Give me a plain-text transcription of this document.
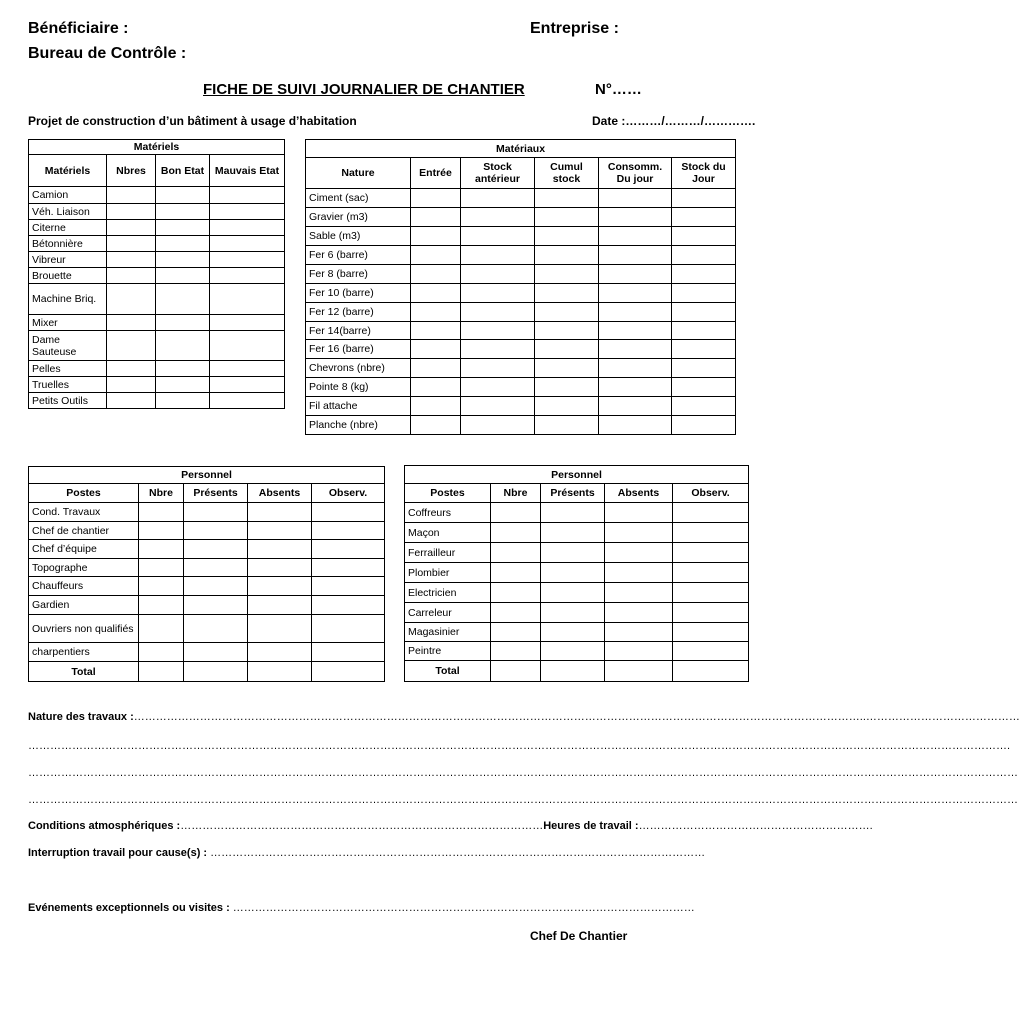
Bénéficiaire :	Entreprise :
Bureau de Contrôle :
FICHE DE SUIVI JOURNALIER DE CHANTIER	N°……
Projet de construction d’un bâtiment à usage d’habitation	Date :………/………/………….
Matériels			
Matériels	Nbres	Bon Etat	Mauvais Etat
Camion			
Véh. Liaison			
Citerne			
Bétonnière			
Vibreur			
Brouette			
Machine Briq.			
Mixer			
Dame Sauteuse			
Pelles			
Truelles			
Petits Outils			
Matériaux					
Nature	Entrée	Stock antérieur	Cumul stock	Consomm. Du jour	Stock du Jour
Ciment (sac)					
Gravier (m3)					
Sable (m3)					
Fer 6 (barre)					
Fer 8 (barre)					
Fer 10 (barre)					
Fer 12 (barre)					
Fer 14(barre)					
Fer 16 (barre)					
Chevrons (nbre)					
Pointe 8 (kg)					
Fil attache					
Planche (nbre)					
Personnel				
Postes	Nbre	Présents	Absents	Observ.
Cond. Travaux				
Chef de chantier				
Chef d’équipe				
Topographe				
Chauffeurs				
Gardien				
Ouvriers non qualifiés				
charpentiers				
Total				
Personnel				
Postes	Nbre	Présents	Absents	Observ.
Coffreurs				
Maçon				
Ferrailleur				
Plombier				
Electricien				
Carreleur				
Magasinier				
Peintre				
Total				
Nature des travaux :………………………………………………………………………………………………………………………………………………………………………………..……………………………………
…………………………………………………………………………………………………………………………………………………………………………………………………………………………………………….
………………………………………………………………………………………………………………………………………………………………………………………………………………………………………………
………………………………………………………………………………………………………………………………………………………………………………………………………………………………………………
Conditions atmosphériques :………………………………………………………………………………………Heures de travail :……………………………………………………….
Interruption travail pour cause(s) : ………………………………………………………………………………………………………………………
Evénements exceptionnels ou visites : ………………………………………………………………………………………………………………
Chef De Chantier
